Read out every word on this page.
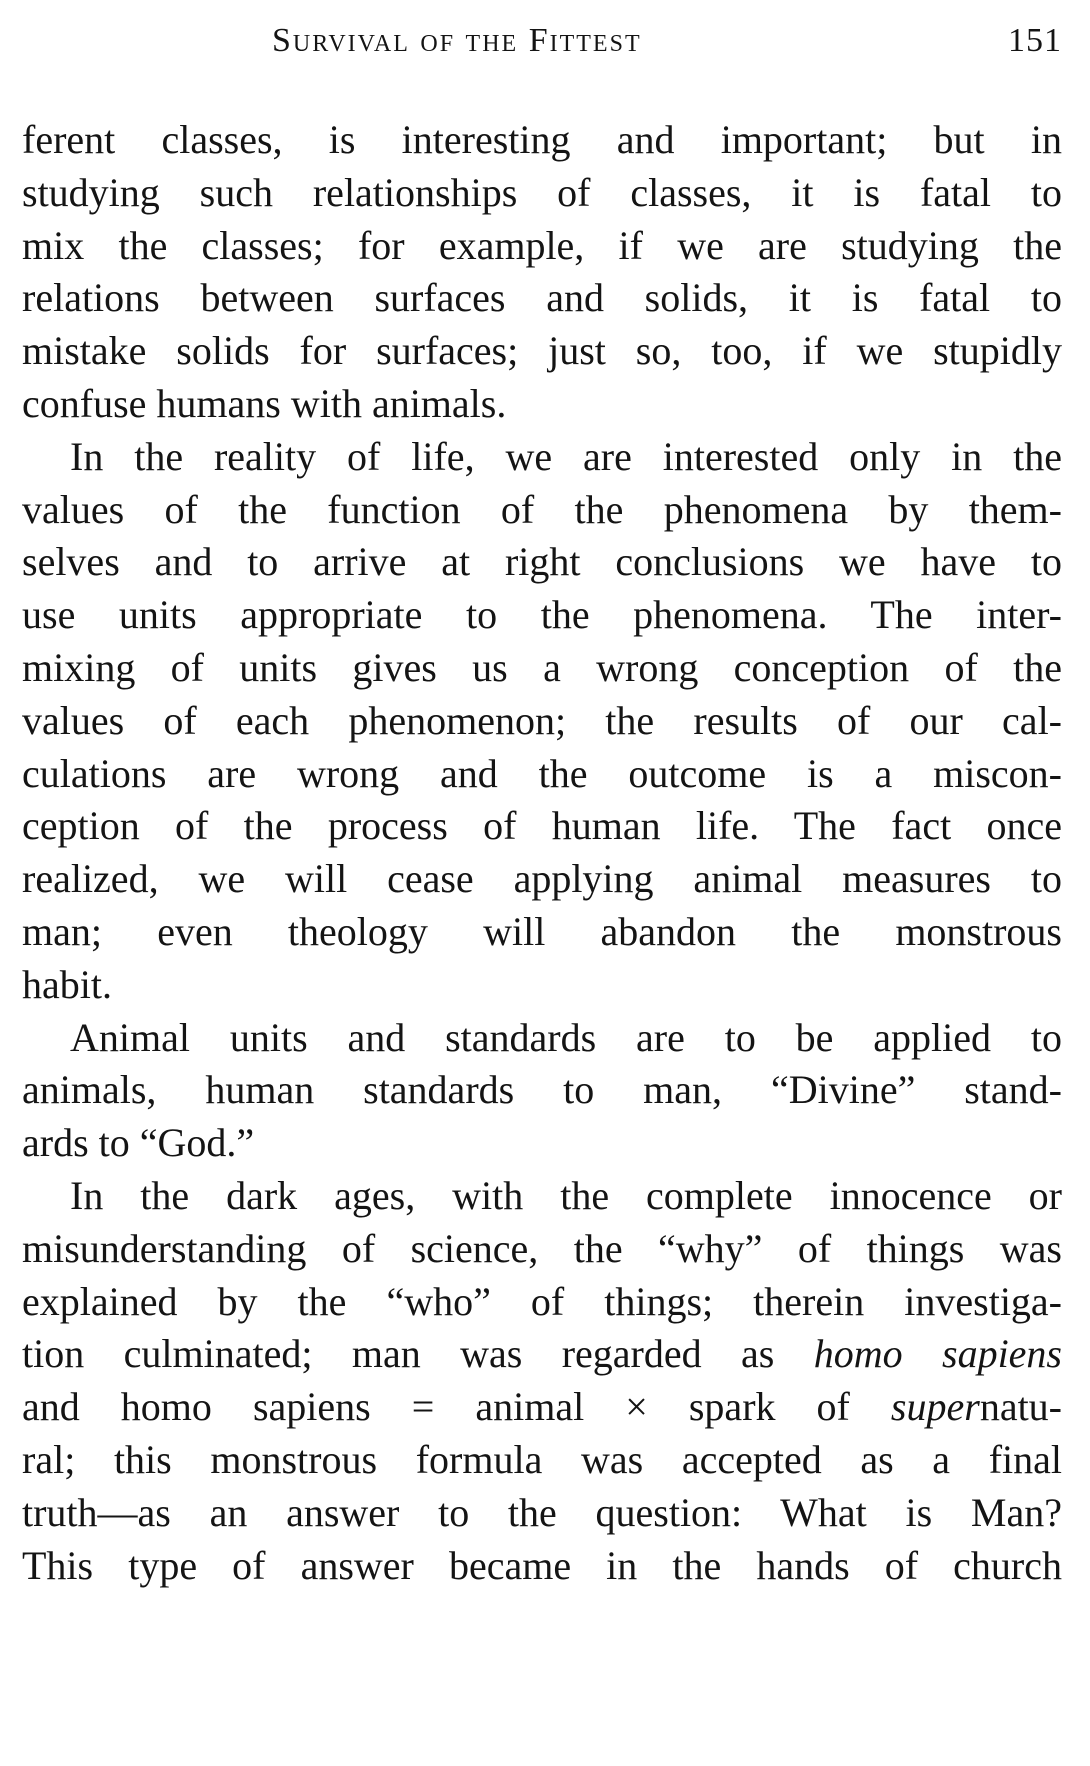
Survival of the Fittest	151
ferent classes, is interesting and important; but in
studying such relationships of classes, it is fatal to
mix the classes; for example, if we are studying the
relations between surfaces and solids, it is fatal to
mistake solids for surfaces; just so, too, if we stupidly
confuse humans with animals.
In the reality of life, we are interested only in the
values of the function of the phenomena by them-
selves and to arrive at right conclusions we have to
use units appropriate to the phenomena. The inter-
mixing of units gives us a wrong conception of the
values of each phenomenon; the results of our cal-
culations are wrong and the outcome is a miscon-
ception of the process of human life. The fact once
realized, we will cease applying animal measures to
man; even theology will abandon the monstrous
habit.
Animal units and standards are to be applied to
animals, human standards to man, “Divine” stand-
ards to “God.”
In the dark ages, with the complete innocence or
misunderstanding of science, the “why” of things was
explained by the “who” of things; therein investiga-
tion culminated; man was regarded as homo sapiens
and homo sapiens = animal × spark of supernatu-
ral; this monstrous formula was accepted as a final
truth—as an answer to the question: What is Man?
This type of answer became in the hands of church
